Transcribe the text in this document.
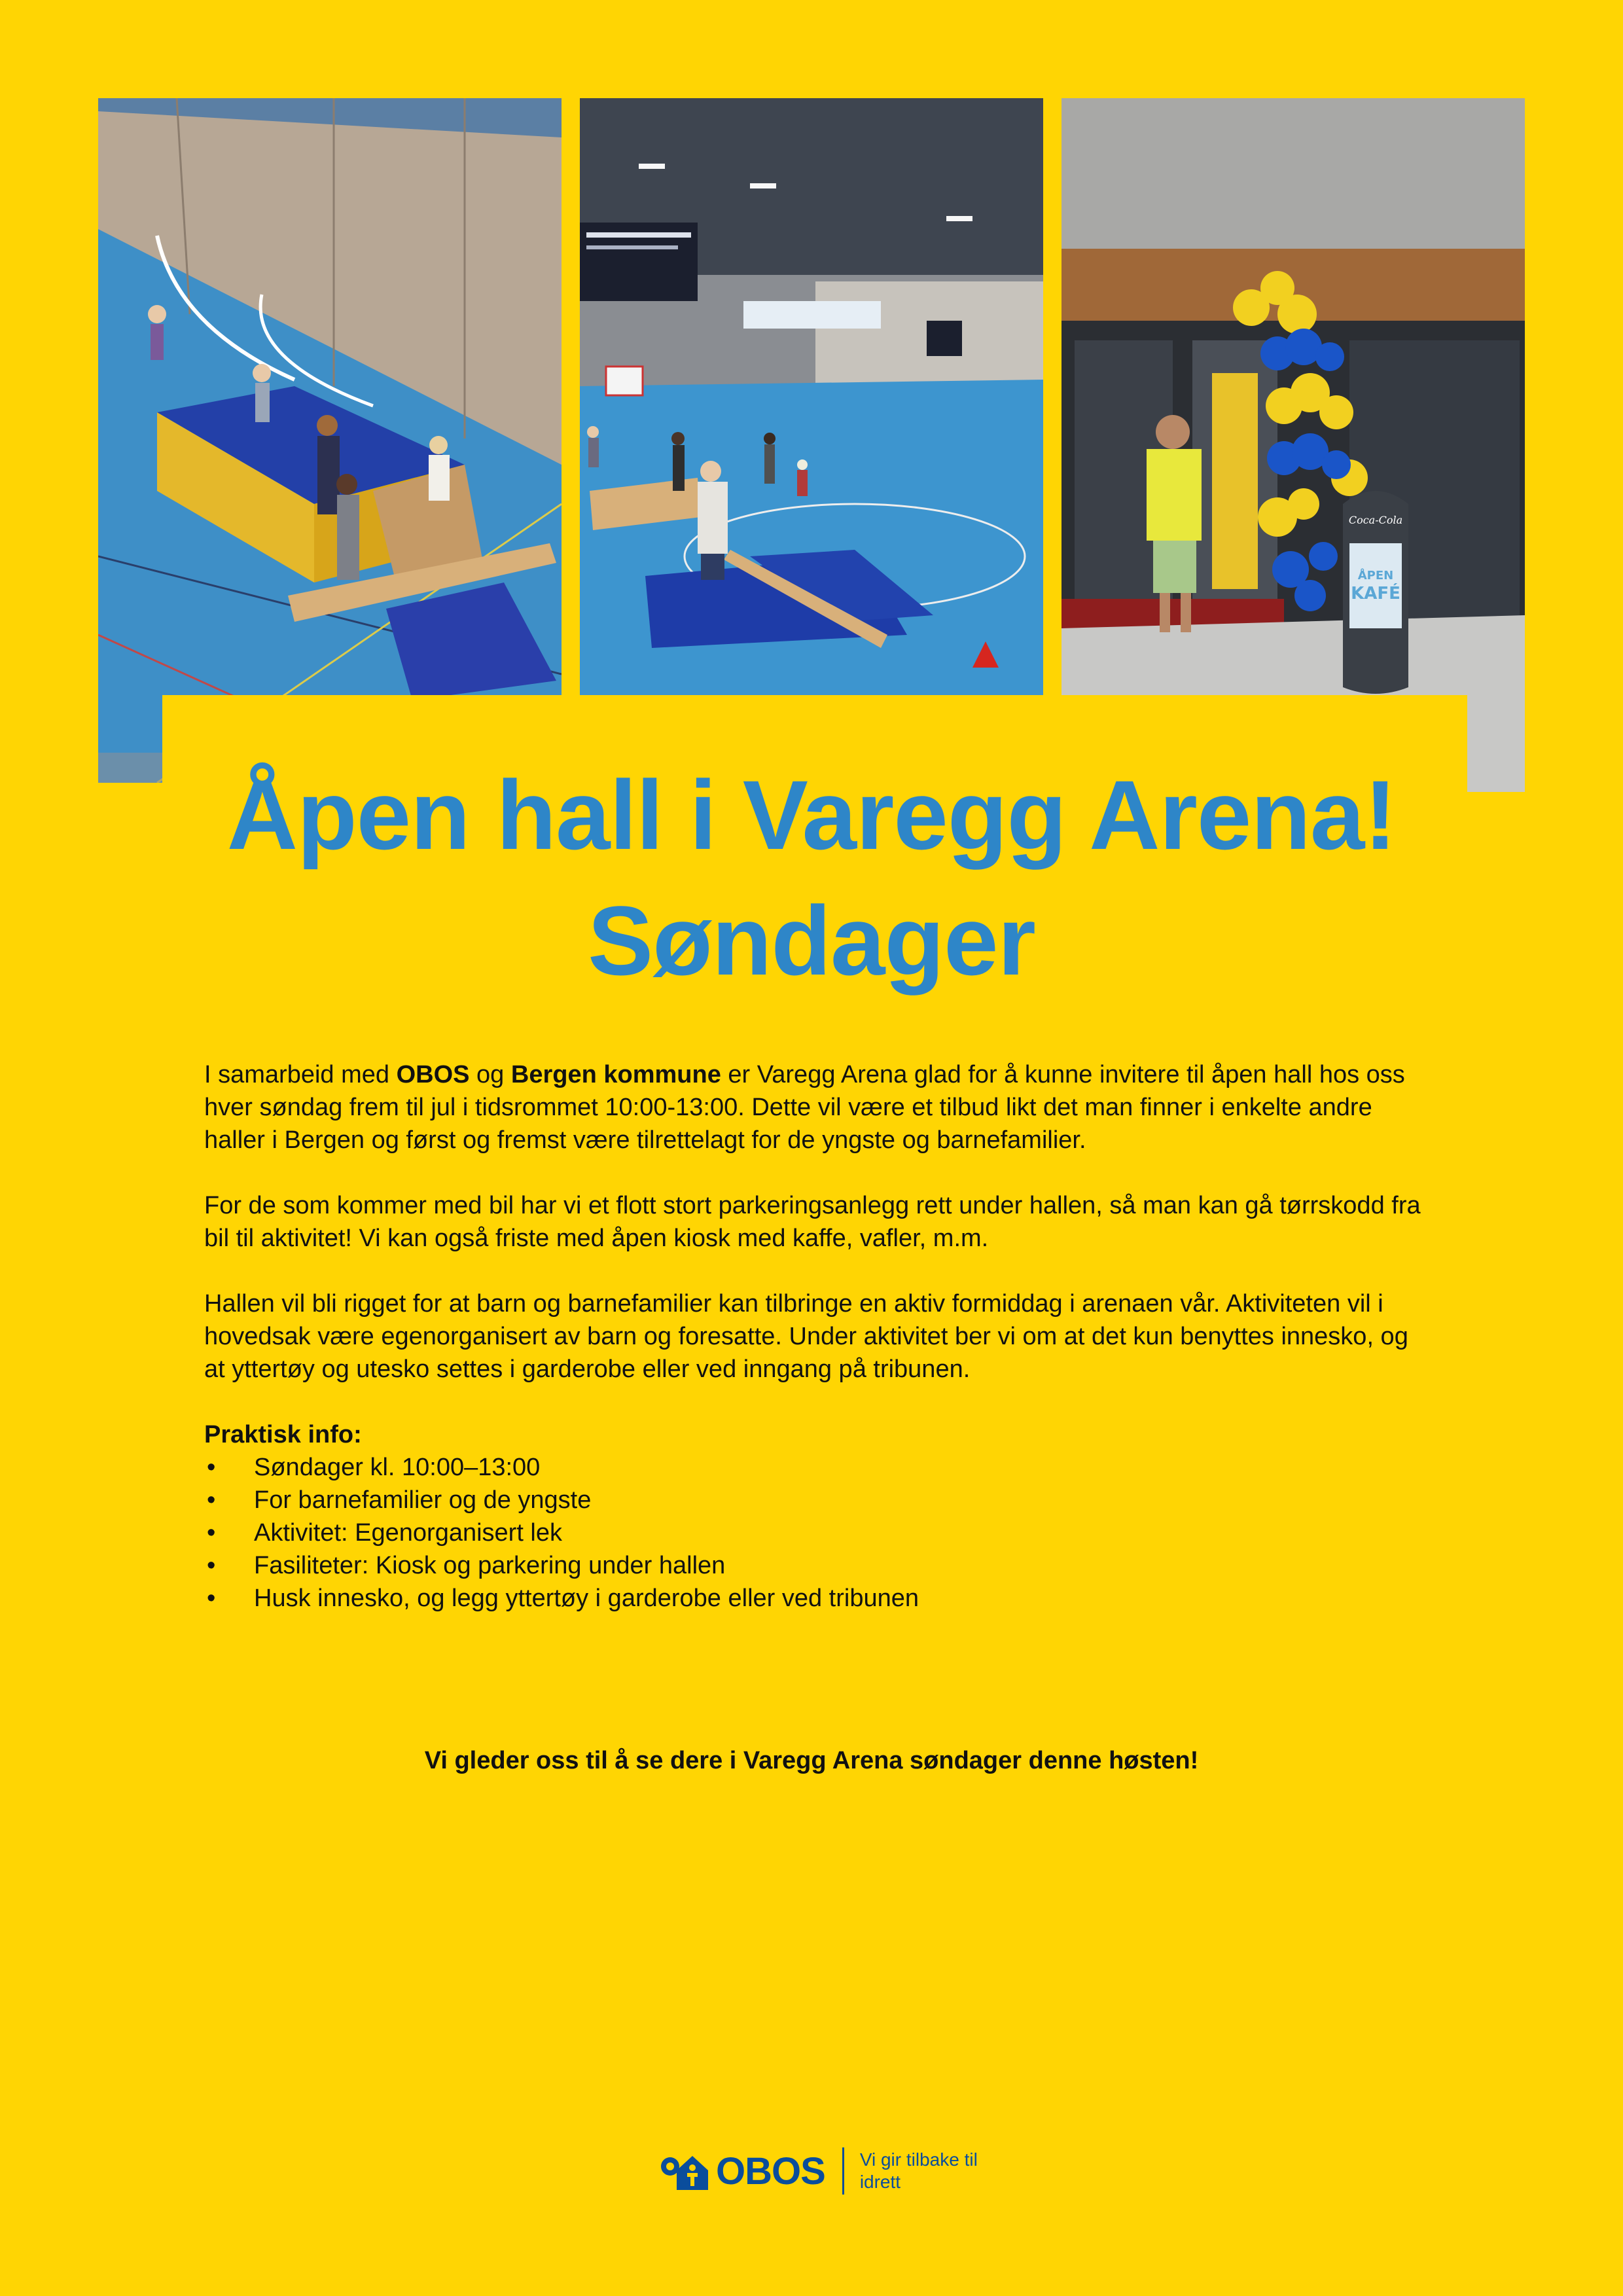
Coca-Cola
ÅPEN
KAFÉ
Åpen hall i Varegg Arena!
Søndager

I samarbeid med OBOS og Bergen kommune er Varegg Arena glad for å kunne invitere til åpen hall hos oss hver søndag frem til jul i tidsrommet 10:00-13:00. Dette vil være et tilbud likt det man finner i enkelte andre haller i Bergen og først og fremst være tilrettelagt for de yngste og barnefamilier.

For de som kommer med bil har vi et flott stort parkeringsanlegg rett under hallen, så man kan gå tørrskodd fra bil til aktivitet! Vi kan også friste med åpen kiosk med kaffe, vafler, m.m.

Hallen vil bli rigget for at barn og barnefamilier kan tilbringe en aktiv formiddag i arenaen vår. Aktiviteten vil i hovedsak være egenorganisert av barn og foresatte. Under aktivitet ber vi om at det kun benyttes innesko, og at yttertøy og utesko settes i garderobe eller ved inngang på tribunen.

Praktisk info:
• Søndager kl. 10:00–13:00
• For barnefamilier og de yngste
• Aktivitet: Egenorganisert lek
• Fasiliteter: Kiosk og parkering under hallen
• Husk innesko, og legg yttertøy i garderobe eller ved tribunen
Vi gleder oss til å se dere i Varegg Arena søndager denne høsten!
OBOS Vi gir tilbake til idrett
